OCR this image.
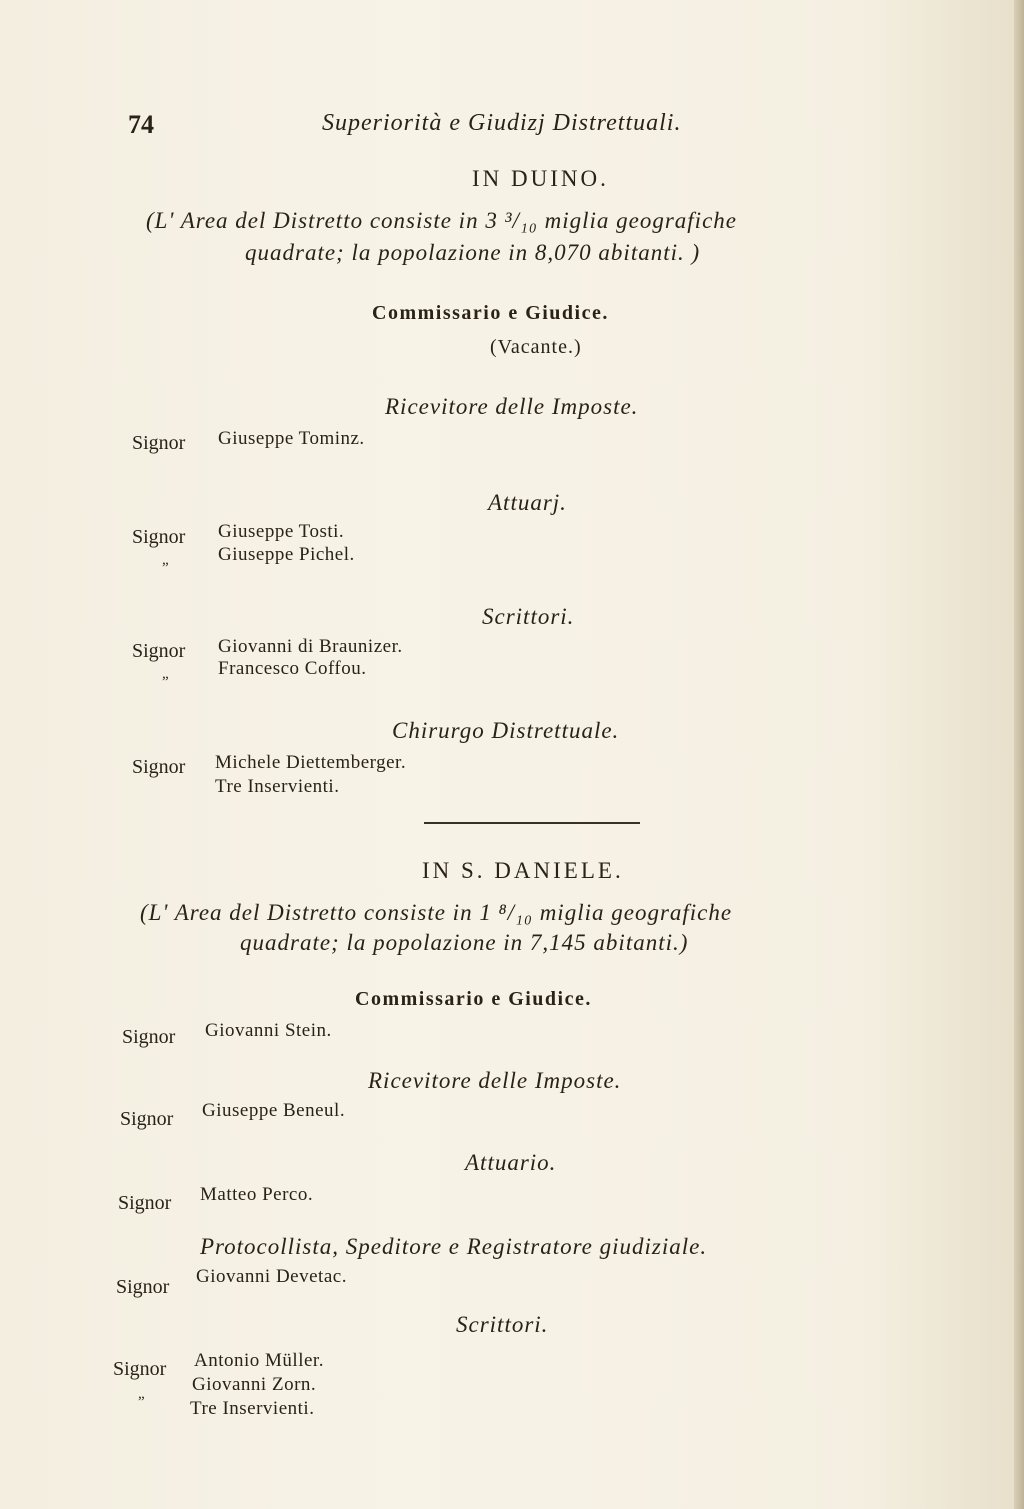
74	Superiorità e Giudizj Distrettuali.
IN DUINO.
(L' Area del Distretto consiste in 3 ³/₁₀ miglia geografiche
quadrate; la popolazione in 8,070 abitanti. )
Commissario e Giudice.
(Vacante.)
Ricevitore delle Imposte.
Signor Giuseppe Tominz.
Attuarj.
Signor Giuseppe Tosti.
”
Giuseppe Pichel.
Scrittori.
Signor Giovanni di Braunizer.
”
Francesco Coffou.
Chirurgo Distrettuale.
Signor Michele Diettemberger.
Tre Inservienti.
IN S. DANIELE.
(L' Area del Distretto consiste in 1 ⁸/₁₀ miglia geografiche
quadrate; la popolazione in 7,145 abitanti.)
Commissario e Giudice.
Signor Giovanni Stein.
Ricevitore delle Imposte.
Signor Giuseppe Beneul.
Attuario.
Signor Matteo Perco.
Protocollista, Speditore e Registratore giudiziale.
Signor Giovanni Devetac.
Scrittori.
Signor Antonio Müller.
”
Giovanni Zorn.
Tre Inservienti.
